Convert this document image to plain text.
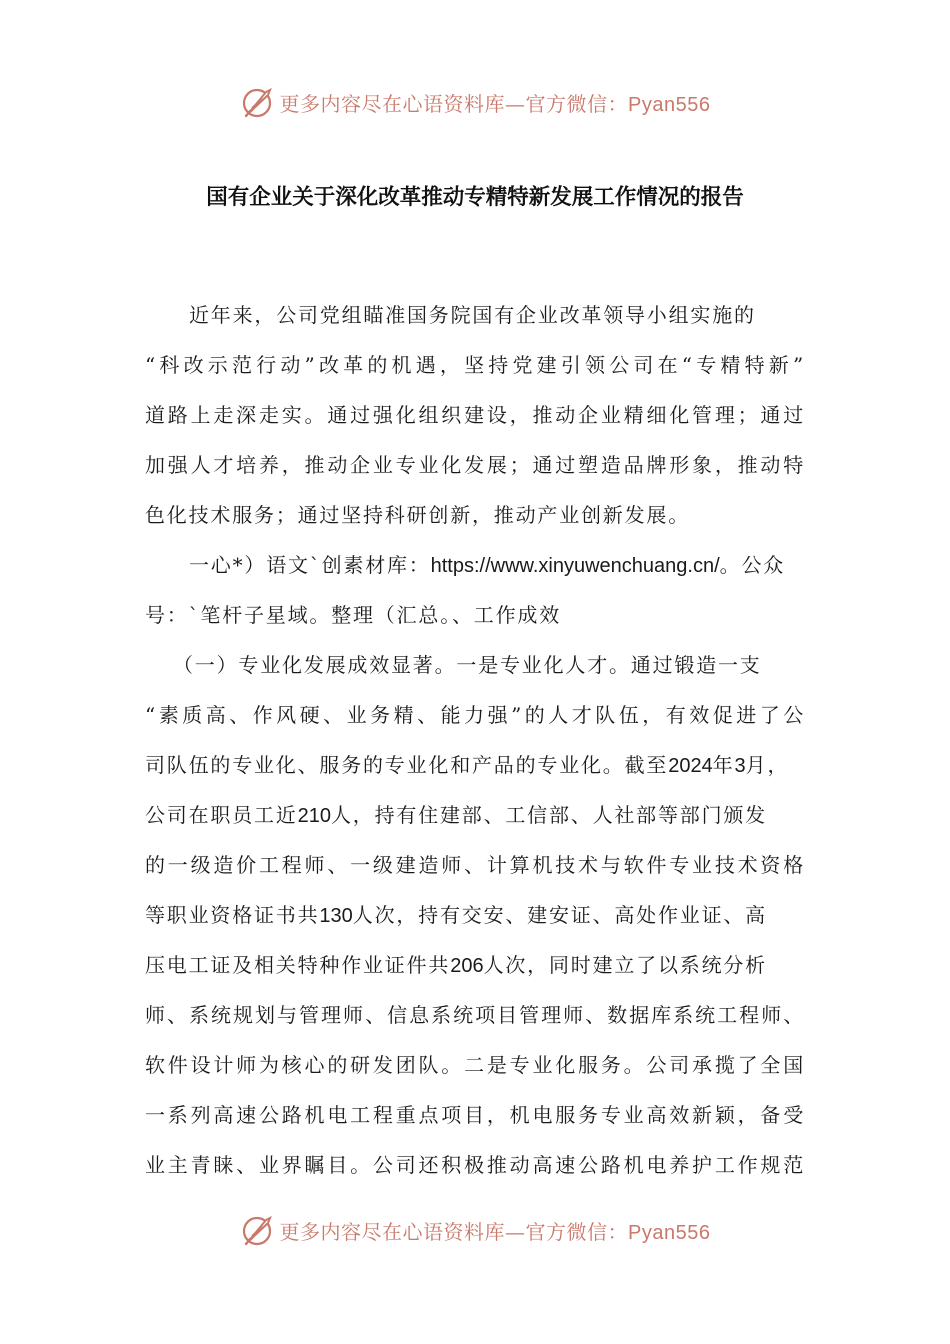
更多内容尽在心语资料库—官方微信：Pyan556
国有企业关于深化改革推动专精特新发展工作情况的报告
近年来，公司党组瞄准国务院国有企业改革领导小组实施的
“科改示范行动”改革的机遇，坚持党建引领公司在“专精特新”
道路上走深走实。通过强化组织建设，推动企业精细化管理；通过
加强人才培养，推动企业专业化发展；通过塑造品牌形象，推动特
色化技术服务；通过坚持科研创新，推动产业创新发展。
一心*）语文`创素材库：https://www.xinyuwenchuang.cn/。公众
号：`笔杆子星域。整理（汇总。、工作成效
（一）专业化发展成效显著。一是专业化人才。通过锻造一支
“素质高、作风硬、业务精、能力强”的人才队伍，有效促进了公
司队伍的专业化、服务的专业化和产品的专业化。截至2024年3月，
公司在职员工近210人，持有住建部、工信部、人社部等部门颁发
的一级造价工程师、一级建造师、计算机技术与软件专业技术资格
等职业资格证书共130人次，持有交安、建安证、高处作业证、高
压电工证及相关特种作业证件共206人次，同时建立了以系统分析
师、系统规划与管理师、信息系统项目管理师、数据库系统工程师、
软件设计师为核心的研发团队。二是专业化服务。公司承揽了全国
一系列高速公路机电工程重点项目，机电服务专业高效新颖，备受
业主青睐、业界瞩目。公司还积极推动高速公路机电养护工作规范
更多内容尽在心语资料库—官方微信：Pyan556
